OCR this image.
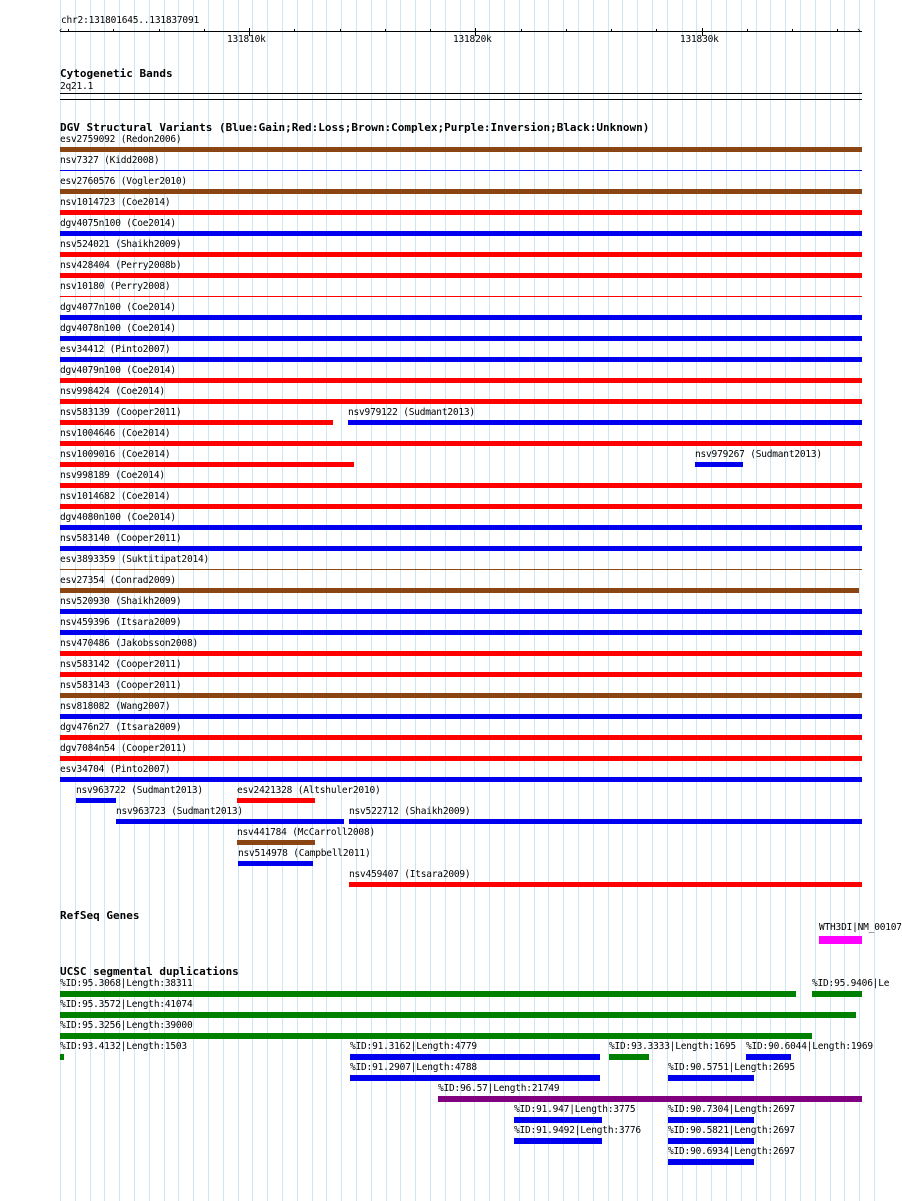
chr2:131801645..131837091
‹	›
131810k	131820k	131830k
Cytogenetic Bands
2q21.1
DGV Structural Variants (Blue:Gain;Red:Loss;Brown:Complex;Purple:Inversion;Black:Unknown)
esv2759092 (Redon2006)
nsv7327 (Kidd2008)
esv2760576 (Vogler2010)
nsv1014723 (Coe2014)
dgv4075n100 (Coe2014)
nsv524021 (Shaikh2009)
nsv428404 (Perry2008b)
nsv10180 (Perry2008)
dgv4077n100 (Coe2014)
dgv4078n100 (Coe2014)
esv34412 (Pinto2007)
dgv4079n100 (Coe2014)
nsv998424 (Coe2014)
nsv583139 (Cooper2011)	nsv979122 (Sudmant2013)
nsv1004646 (Coe2014)
nsv1009016 (Coe2014)	nsv979267 (Sudmant2013)
nsv998189 (Coe2014)
nsv1014682 (Coe2014)
dgv4080n100 (Coe2014)
nsv583140 (Cooper2011)
esv3893359 (Suktitipat2014)
esv27354 (Conrad2009)
nsv520930 (Shaikh2009)
nsv459396 (Itsara2009)
nsv470486 (Jakobsson2008)
nsv583142 (Cooper2011)
nsv583143 (Cooper2011)
nsv818082 (Wang2007)
dgv476n27 (Itsara2009)
dgv7084n54 (Cooper2011)
esv34704 (Pinto2007)
nsv963722 (Sudmant2013)	esv2421328 (Altshuler2010)
nsv963723 (Sudmant2013)	nsv522712 (Shaikh2009)
nsv441784 (McCarroll2008)
nsv514978 (Campbell2011)
nsv459407 (Itsara2009)
RefSeq Genes
WTH3DI|NM_00107
UCSC segmental duplications
%ID:95.3068|Length:38311	%ID:95.9406|Le
%ID:95.3572|Length:41074
%ID:95.3256|Length:39000
%ID:93.4132|Length:1503	%ID:91.3162|Length:4779	%ID:93.3333|Length:1695 %ID:90.6044|Length:1969
%ID:91.2907|Length:4788	%ID:90.5751|Length:2695
%ID:96.57|Length:21749
%ID:91.947|Length:3775	%ID:90.7304|Length:2697
%ID:91.9492|Length:3776	%ID:90.5821|Length:2697
%ID:90.6934|Length:2697
